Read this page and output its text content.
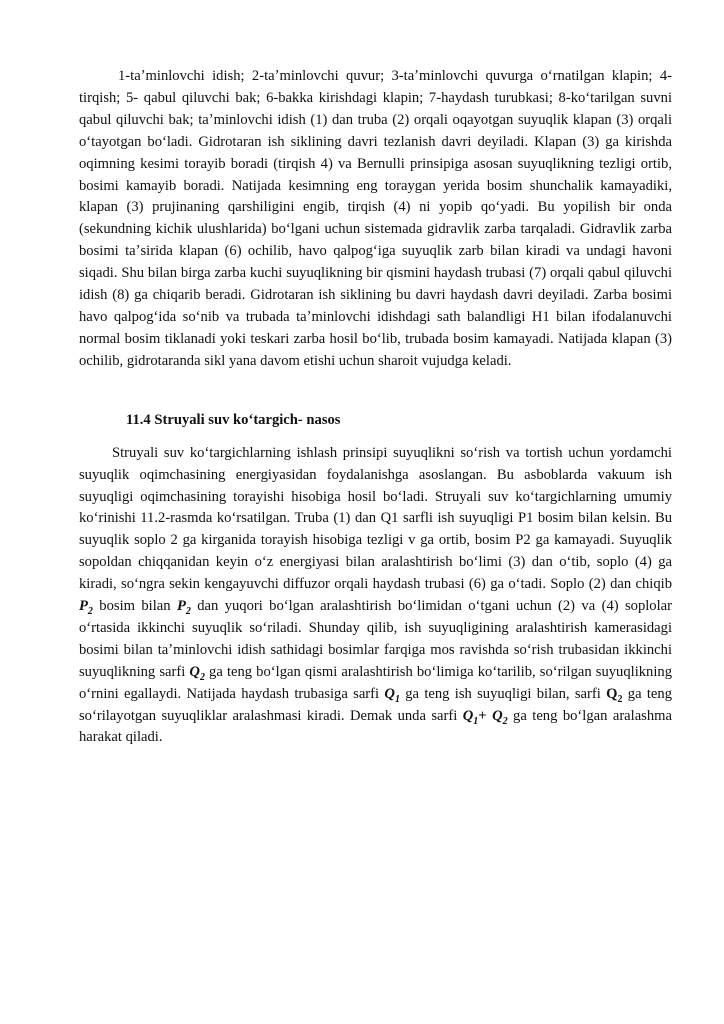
1-taʼminlovchi idish; 2-taʼminlovchi quvur; 3-taʼminlovchi quvurga oʻrnatilgan klapin; 4- tirqish; 5- qabul qiluvchi bak; 6-bakka kirishdagi klapin; 7-haydash turubkasi; 8-koʻtarilgan suvni qabul qiluvchi bak; taʼminlovchi idish (1) dan truba (2) orqali oqayotgan suyuqlik klapan (3) orqali oʻtayotgan boʻladi. Gidrotaran ish siklining davri tezlanish davri deyiladi. Klapan (3) ga kirishda oqimning kesimi torayib boradi (tirqish 4) va Bernulli prinsipiga asosan suyuqlikning tezligi ortib, bosimi kamayib boradi. Natijada kesimning eng toraygan yerida bosim shunchalik kamayadiki, klapan (3) prujinaning qarshiligini engib, tirqish (4) ni yopib qoʻyadi. Bu yopilish bir onda (sekundning kichik ulushlarida) boʻlgani uchun sistemada gidravlik zarba tarqaladi. Gidravlik zarba bosimi taʼsirida klapan (6) ochilib, havo qalpogʻiga suyuqlik zarb bilan kiradi va undagi havoni siqadi. Shu bilan birga zarba kuchi suyuqlikning bir qismini haydash trubasi (7) orqali qabul qiluvchi idish (8) ga chiqarib beradi. Gidrotaran ish siklining bu davri haydash davri deyiladi. Zarba bosimi havo qalpogʻida soʻnib va trubada taʼminlovchi idishdagi sath balandligi H1 bilan ifodalanuvchi normal bosim tiklanadi yoki teskari zarba hosil boʻlib, trubada bosim kamayadi. Natijada klapan (3) ochilib, gidrotaranda sikl yana davom etishi uchun sharoit vujudga keladi.

11.4 Struyali suv koʻtargich- nasos

Struyali suv koʻtargichlarning ishlash prinsipi suyuqlikni soʻrish va tortish uchun yordamchi suyuqlik oqimchasining energiyasidan foydalanishga asoslangan. Bu asboblarda vakuum ish suyuqligi oqimchasining torayishi hisobiga hosil boʻladi. Struyali suv koʻtargichlarning umumiy koʻrinishi 11.2-rasmda koʻrsatilgan. Truba (1) dan Q1 sarfli ish suyuqligi P1 bosim bilan kelsin. Bu suyuqlik soplo 2 ga kirganida torayish hisobiga tezligi v ga ortib, bosim P2 ga kamayadi. Suyuqlik sopoldan chiqqanidan keyin oʻz energiyasi bilan aralashtirish boʻlimi (3) dan oʻtib, soplo (4) ga kiradi, soʻngra sekin kengayuvchi diffuzor orqali haydash trubasi (6) ga oʻtadi. Soplo (2) dan chiqib $P_2$ bosim bilan $P_2$ dan yuqori boʻlgan aralashtirish boʻlimidan oʻtgani uchun (2) va (4) soplolar oʻrtasida ikkinchi suyuqlik soʻriladi. Shunday qilib, ish suyuqligining aralashtirish kamerasidagi bosimi bilan taʼminlovchi idish sathidagi bosimlar farqiga mos ravishda soʻrish trubasidan ikkinchi suyuqlikning sarfi $Q_2$ ga teng boʻlgan qismi aralashtirish boʻlimiga koʻtarilib, soʻrilgan suyuqlikning oʻrnini egallaydi. Natijada haydash trubasiga sarfi $Q_1$ ga teng ish suyuqligi bilan, sarfi $Q_2$ ga teng soʻrilayotgan suyuqliklar aralashmasi kiradi. Demak unda sarfi $Q_1+ Q_2$ ga teng boʻlgan aralashma harakat qiladi.
